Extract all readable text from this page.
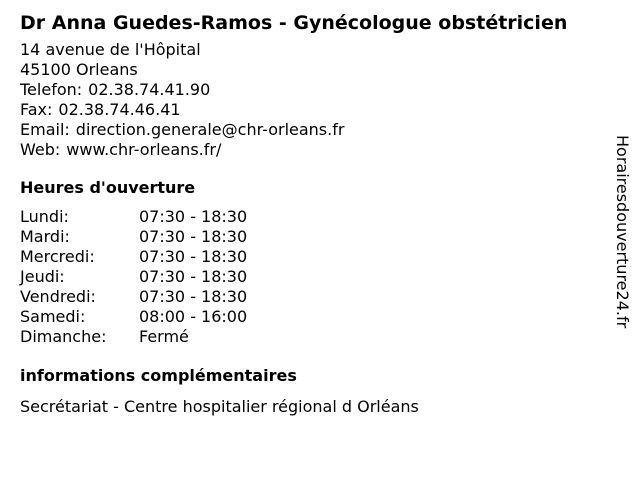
Dr Anna Guedes-Ramos - Gynécologue obstétricien
14 avenue de l'Hôpital
45100 Orleans
Telefon: 02.38.74.41.90
Fax: 02.38.74.46.41
Email: direction.generale@chr-orleans.fr
Web: www.chr-orleans.fr/
Heures d'ouverture
Lundi:	07:30 - 18:30
Mardi:	07:30 - 18:30
Mercredi:	07:30 - 18:30
Jeudi:	07:30 - 18:30
Vendredi:	07:30 - 18:30
Samedi:	08:00 - 16:00
Dimanche:	Fermé
informations complémentaires
Secrétariat - Centre hospitalier régional d Orléans
Horairesdouverture24.fr
